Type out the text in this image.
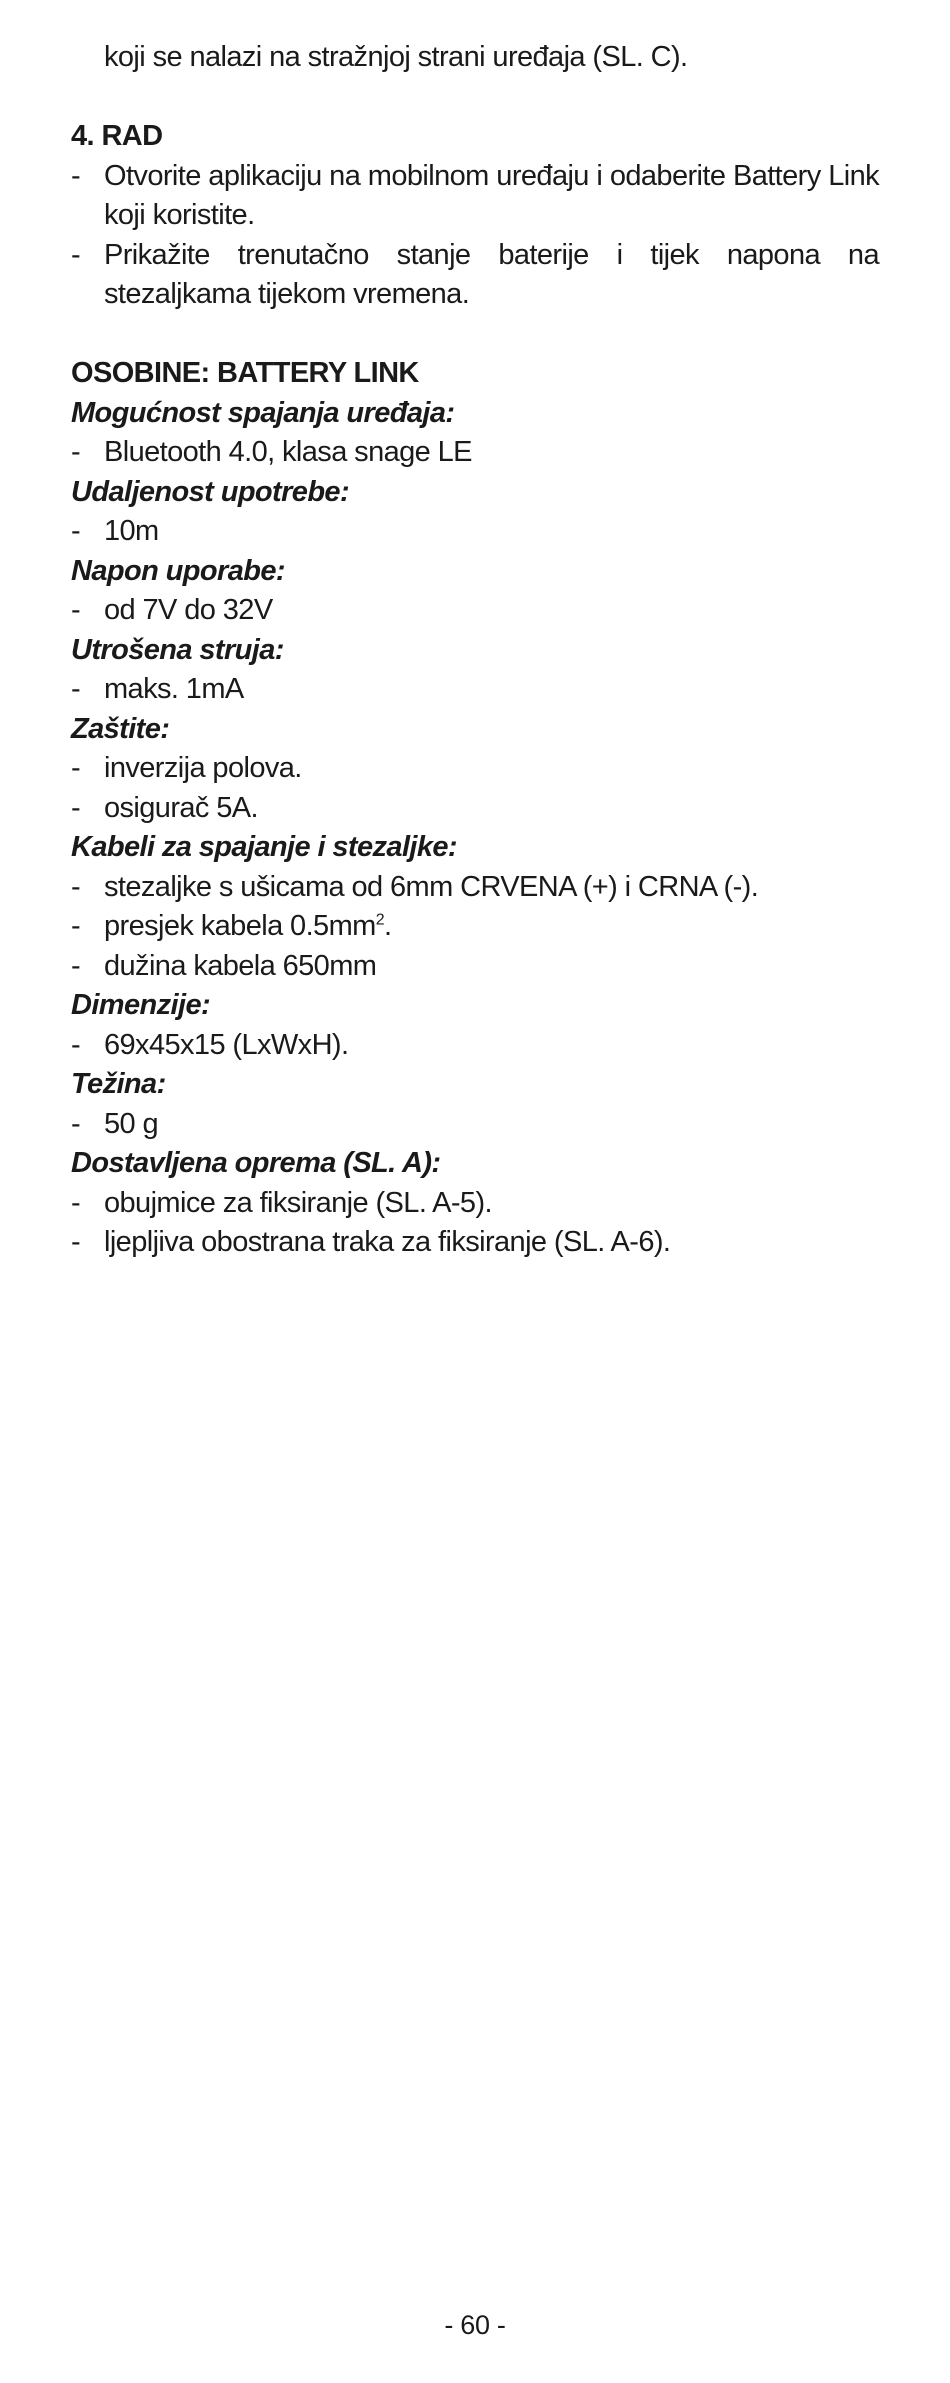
koji se nalazi na stražnjoj strani uređaja (SL. C).

4. RAD

- Otvorite aplikaciju na mobilnom uređaju i odaberite Battery Link koji koristite.

- Prikažite trenutačno stanje baterije i tijek napona na stezaljkama tijekom vremena.

OSOBINE: BATTERY LINK

Mogućnost spajanja uređaja:

- Bluetooth 4.0, klasa snage LE

Udaljenost upotrebe:

- 10m

Napon uporabe:

- od 7V do 32V

Utrošena struja:

- maks. 1mA

Zaštite:

- inverzija polova.

- osigurač 5A.

Kabeli za spajanje i stezaljke:

- stezaljke s ušicama od 6mm CRVENA (+) i CRNA (-).

- presjek kabela $0.5mm^2$.

- dužina kabela 650mm

Dimenzije:

- 69x45x15 (LxWxH).

Težina:

- 50 g

Dostavljena oprema (SL. A):

- obujmice za fiksiranje (SL. A-5).

- ljepljiva obostrana traka za fiksiranje (SL. A-6).

- 60 -
